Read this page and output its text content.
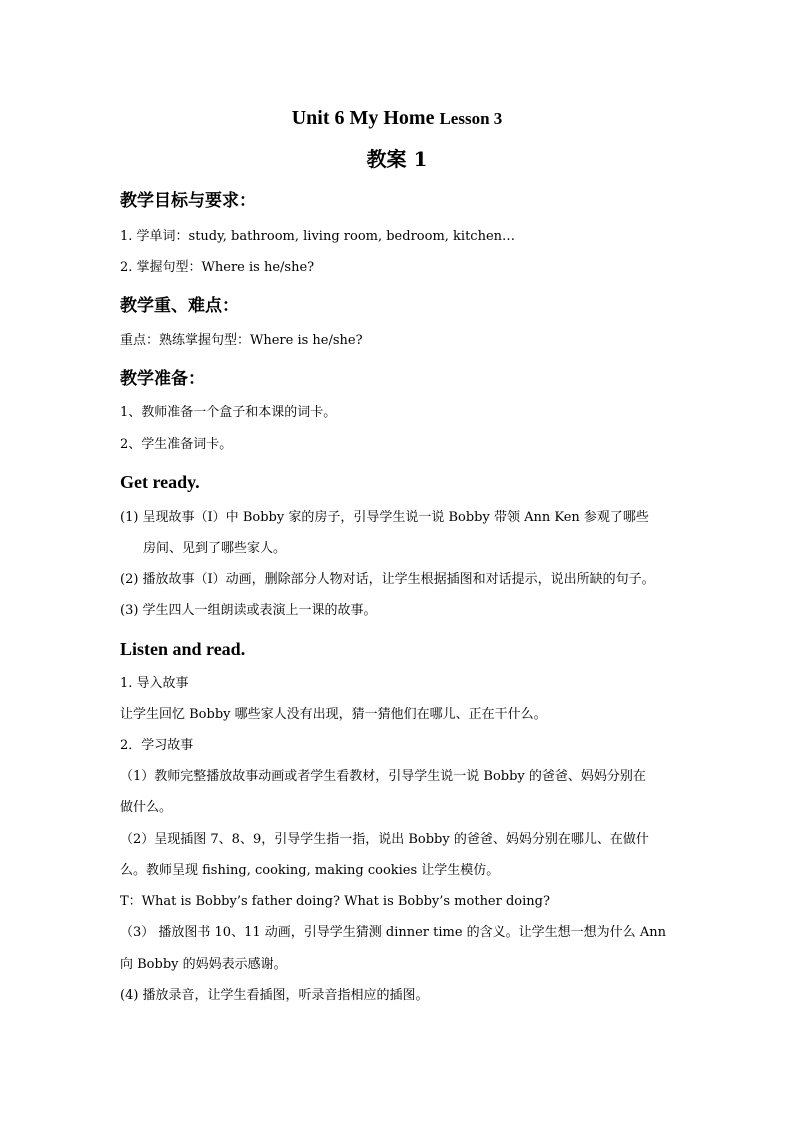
Unit 6 My Home Lesson 3
教案 1
教学目标与要求：

1. 学单词：study, bathroom, living room, bedroom, kitchen…

2. 掌握句型：Where is he/she?

教学重、难点：

重点：熟练掌握句型：Where is he/she?

教学准备：

1、教师准备一个盒子和本课的词卡。

2、学生准备词卡。

Get ready.

(1) 呈现故事（Ⅰ）中 Bobby 家的房子，引导学生说一说 Bobby 带领 Ann Ken 参观了哪些

房间、见到了哪些家人。

(2) 播放故事（I）动画，删除部分人物对话，让学生根据插图和对话提示，说出所缺的句子。

(3) 学生四人一组朗读或表演上一课的故事。

Listen and read.

1. 导入故事

让学生回忆 Bobby 哪些家人没有出现，猜一猜他们在哪儿、正在干什么。

2．学习故事

（1）教师完整播放故事动画或者学生看教材，引导学生说一说 Bobby 的爸爸、妈妈分别在

做什么。

（2）呈现插图 7、8、9，引导学生指一指，说出 Bobby 的爸爸、妈妈分别在哪儿、在做什

么。教师呈现 fishing, cooking, making cookies 让学生模仿。

T：What is Bobby’s father doing? What is Bobby’s mother doing?

（3） 播放图书 10、11 动画，引导学生猜测 dinner time 的含义。让学生想一想为什么 Ann

向 Bobby 的妈妈表示感谢。

(4) 播放录音，让学生看插图，听录音指相应的插图。
